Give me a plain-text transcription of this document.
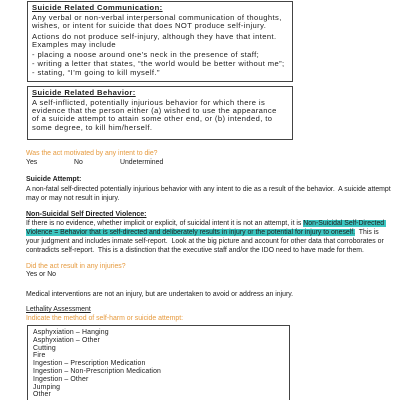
Suicide Related Communication:
Any verbal or non-verbal interpersonal communication of thoughts,
wishes, or intent for suicide that does NOT produce self-injury.
Actions do not produce self-injury, although they have that intent.
Examples may include
- placing a noose around one’s neck in the presence of staff;
- writing a letter that states, “the world would be better without me”;
- stating, “I’m going to kill myself.”
Suicide Related Behavior:
A self-inflicted, potentially injurious behavior for which there is
evidence that the person either (a) wished to use the appearance
of a suicide attempt to attain some other end, or (b) intended, to
some degree, to kill him/herself.
Was the act motivated by any intent to die?
Yes	No	Undetermined
Suicide Attempt:

A non-fatal self-directed potentially injurious behavior with any intent to die as a result of the behavior.  A suicide attempt may or may not result in injury.

Non-Suicidal Self Directed Violence:

If there is no evidence, whether implicit or explicit, of suicidal intent it is not an attempt, it is Non-Suicidal Self-Directed Violence = Behavior that is self-directed and deliberately results in injury or the potential for injury to oneself.  This is your judgment and includes inmate self-report.  Look at the big picture and account for other data that corroborates or contradicts self-report.  This is a distinction that the executive staff and/or the IDO need to have made for them.

Did the act result in any injuries?
Yes or No
Medical interventions are not an injury, but are undertaken to avoid or address an injury.
Lethality Assessment
Indicate the method of self-harm or suicide attempt:
Asphyxiation – Hanging
Asphyxiation – Other
Cutting
Fire
Ingestion – Prescription Medication
Ingestion – Non-Prescription Medication
Ingestion – Other
Jumping
Other
